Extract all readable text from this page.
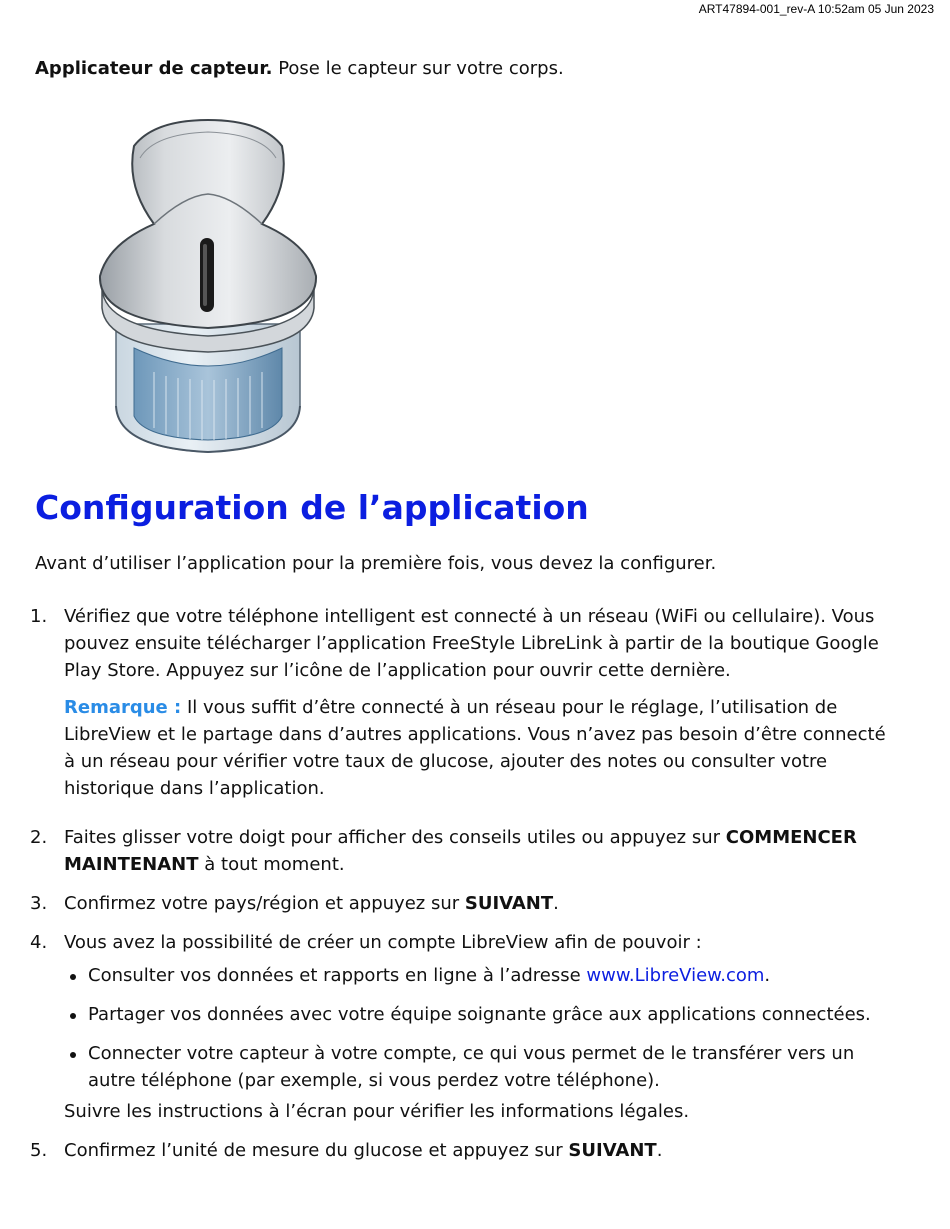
ART47894-001_rev-A 10:52am 05 Jun 2023
Applicateur de capteur. Pose le capteur sur votre corps.
Configuration de l’application
Avant d’utiliser l’application pour la première fois, vous devez la configurer.
1. Vérifiez que votre téléphone intelligent est connecté à un réseau (WiFi ou cellulaire). Vous pouvez ensuite télécharger l’application FreeStyle LibreLink à partir de la boutique Google Play Store. Appuyez sur l’icône de l’application pour ouvrir cette dernière.
Remarque : Il vous suffit d’être connecté à un réseau pour le réglage, l’utilisation de LibreView et le partage dans d’autres applications. Vous n’avez pas besoin d’être connecté à un réseau pour vérifier votre taux de glucose, ajouter des notes ou consulter votre historique dans l’application.
2. Faites glisser votre doigt pour afficher des conseils utiles ou appuyez sur COMMENCER MAINTENANT à tout moment.
3. Confirmez votre pays/région et appuyez sur SUIVANT.
4. Vous avez la possibilité de créer un compte LibreView afin de pouvoir :
Consulter vos données et rapports en ligne à l’adresse www.LibreView.com.
Partager vos données avec votre équipe soignante grâce aux applications connectées.
Connecter votre capteur à votre compte, ce qui vous permet de le transférer vers un autre téléphone (par exemple, si vous perdez votre téléphone).
Suivre les instructions à l’écran pour vérifier les informations légales.
5. Confirmez l’unité de mesure du glucose et appuyez sur SUIVANT.
